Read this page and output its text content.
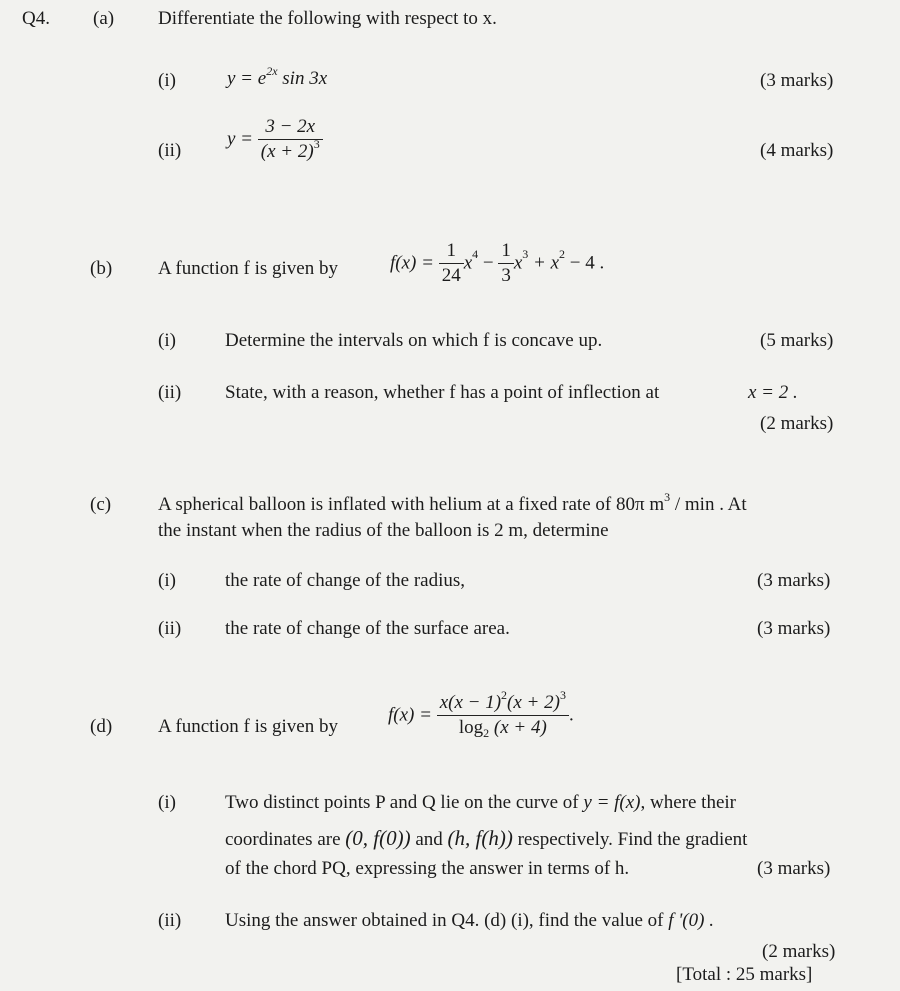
Q4. (a) Differentiate the following with respect to x.
(i)	$y = e^{2x}$ sin 3x	(3 marks)
(ii)
$y = \frac{3 - 2x}{(x + 2)^3}$	(4 marks)
(b) A function f is given by	$f(x) = \frac{1}{24} x^4 - \frac{1}{3} x^3 + x^2 - 4$ .
(i)	Determine the intervals on which f is concave up.	(5 marks)
(ii) State, with a reason, whether f has a point of inflection at	x = 2 .
(2 marks)
(c) A spherical balloon is inflated with helium at a fixed rate of 80π $m^3$ / min . At
the instant when the radius of the balloon is 2 m, determine
(i)	the rate of change of the radius,	(3 marks)
(ii) the rate of change of the surface area.	(3 marks)
(d) A function f is given by
$f(x) = \frac{x(x - 1)^2(x + 2)^3}{\log_2 (x + 4)}$ .
(i)	Two distinct points P and Q lie on the curve of y = f(x), where their
coordinates are (0, f(0)) and (h, f(h)) respectively. Find the gradient
of the chord PQ, expressing the answer in terms of h.	(3 marks)
(ii) Using the answer obtained in Q4. (d) (i), find the value of f '(0) .
(2 marks)
[Total : 25 marks]
